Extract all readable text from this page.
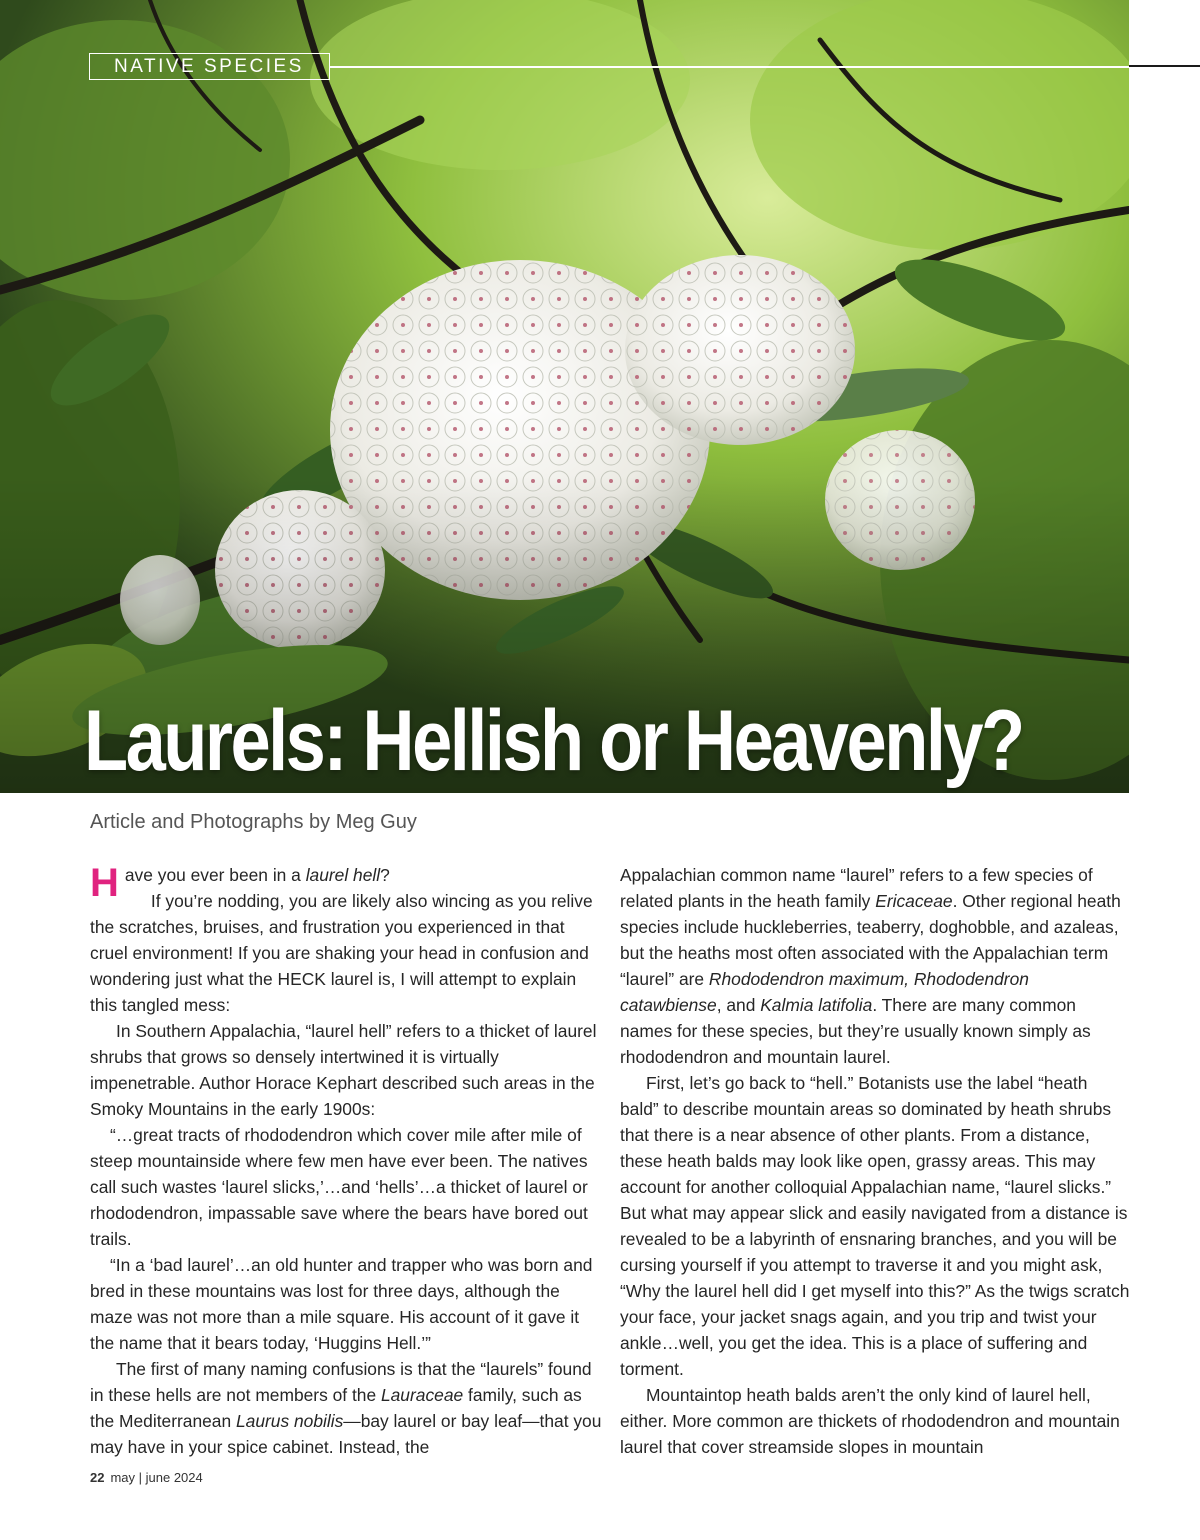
NATIVE SPECIES
Laurels: Hellish or Heavenly?
Article and Photographs by Meg Guy

Have you ever been in a laurel hell?

If you’re nodding, you are likely also wincing as you relive the scratches, bruises, and frustration you experienced in that cruel environment! If you are shaking your head in confusion and wondering just what the HECK laurel is, I will attempt to explain this tangled mess:

In Southern Appalachia, “laurel hell” refers to a thicket of laurel shrubs that grows so densely intertwined it is virtually impenetrable. Author Horace Kephart described such areas in the Smoky Mountains in the early 1900s:

“…great tracts of rhododendron which cover mile after mile of steep mountainside where few men have ever been. The natives call such wastes ‘laurel slicks,’…and ‘hells’…a thicket of laurel or rhododendron, impassable save where the bears have bored out trails.

“In a ‘bad laurel’…an old hunter and trapper who was born and bred in these mountains was lost for three days, although the maze was not more than a mile square. His account of it gave it the name that it bears today, ‘Huggins Hell.’”

The first of many naming confusions is that the “laurels” found in these hells are not members of the Lauraceae family, such as the Mediterranean Laurus nobilis—bay laurel or bay leaf—that you may have in your spice cabinet. Instead, the

Appalachian common name “laurel” refers to a few species of related plants in the heath family Ericaceae. Other regional heath species include huckleberries, teaberry, doghobble, and azaleas, but the heaths most often associated with the Appalachian term “laurel” are Rhododendron maximum, Rhododendron catawbiense, and Kalmia latifolia. There are many common names for these species, but they’re usually known simply as rhododendron and mountain laurel.

First, let’s go back to “hell.” Botanists use the label “heath bald” to describe mountain areas so dominated by heath shrubs that there is a near absence of other plants. From a distance, these heath balds may look like open, grassy areas. This may account for another colloquial Appalachian name, “laurel slicks.” But what may appear slick and easily navigated from a distance is revealed to be a labyrinth of ensnaring branches, and you will be cursing yourself if you attempt to traverse it and you might ask, “Why the laurel hell did I get myself into this?” As the twigs scratch your face, your jacket snags again, and you trip and twist your ankle…well, you get the idea. This is a place of suffering and torment.

Mountaintop heath balds aren’t the only kind of laurel hell, either. More common are thickets of rhododendron and mountain laurel that cover streamside slopes in mountain

22 may | june 2024
